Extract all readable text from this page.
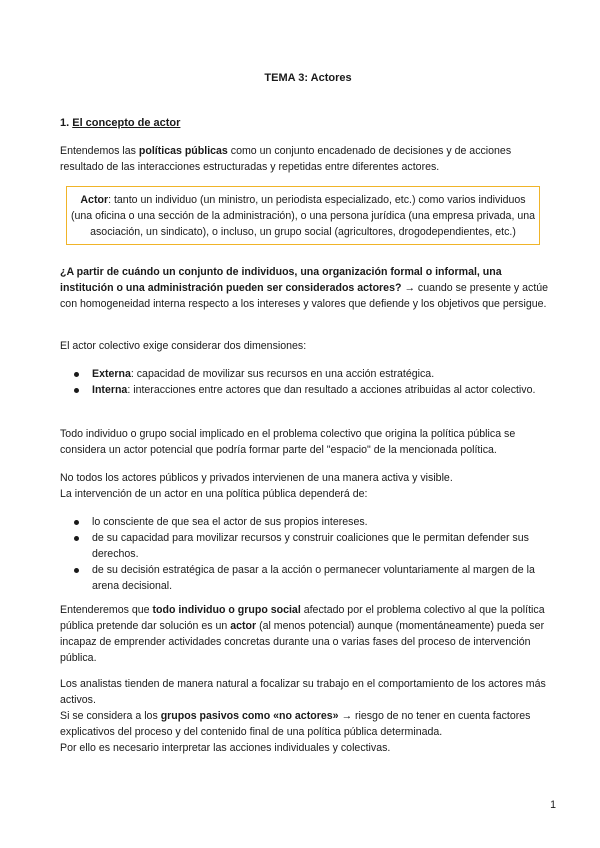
TEMA 3: Actores

1. El concepto de actor

Entendemos las políticas públicas como un conjunto encadenado de decisiones y de acciones resultado de las interacciones estructuradas y repetidas entre diferentes actores.

Actor: tanto un individuo (un ministro, un periodista especializado, etc.) como varios individuos (una oficina o una sección de la administración), o una persona jurídica (una empresa privada, una asociación, un sindicato), o incluso, un grupo social (agricultores, drogodependientes, etc.)

¿A partir de cuándo un conjunto de individuos, una organización formal o informal, una institución o una administración pueden ser considerados actores? → cuando se presente y actúe con homogeneidad interna respecto a los intereses y valores que defiende y los objetivos que persigue.

El actor colectivo exige considerar dos dimensiones:

Externa: capacidad de movilizar sus recursos en una acción estratégica.
Interna: interacciones entre actores que dan resultado a acciones atribuidas al actor colectivo.

Todo individuo o grupo social implicado en el problema colectivo que origina la política pública se considera un actor potencial que podría formar parte del "espacio" de la mencionada política.

No todos los actores públicos y privados intervienen de una manera activa y visible.

La intervención de un actor en una política pública dependerá de:

lo consciente de que sea el actor de sus propios intereses.
de su capacidad para movilizar recursos y construir coaliciones que le permitan defender sus derechos.
de su decisión estratégica de pasar a la acción o permanecer voluntariamente al margen de la arena decisional.

Entenderemos que todo individuo o grupo social afectado por el problema colectivo al que la política pública pretende dar solución es un actor (al menos potencial) aunque (momentáneamente) pueda ser incapaz de emprender actividades concretas durante una o varias fases del proceso de intervención pública.

Los analistas tienden de manera natural a focalizar su trabajo en el comportamiento de los actores más activos.

Si se considera a los grupos pasivos como «no actores» → riesgo de no tener en cuenta factores explicativos del proceso y del contenido final de una política pública determinada.

Por ello es necesario interpretar las acciones individuales y colectivas.

1
